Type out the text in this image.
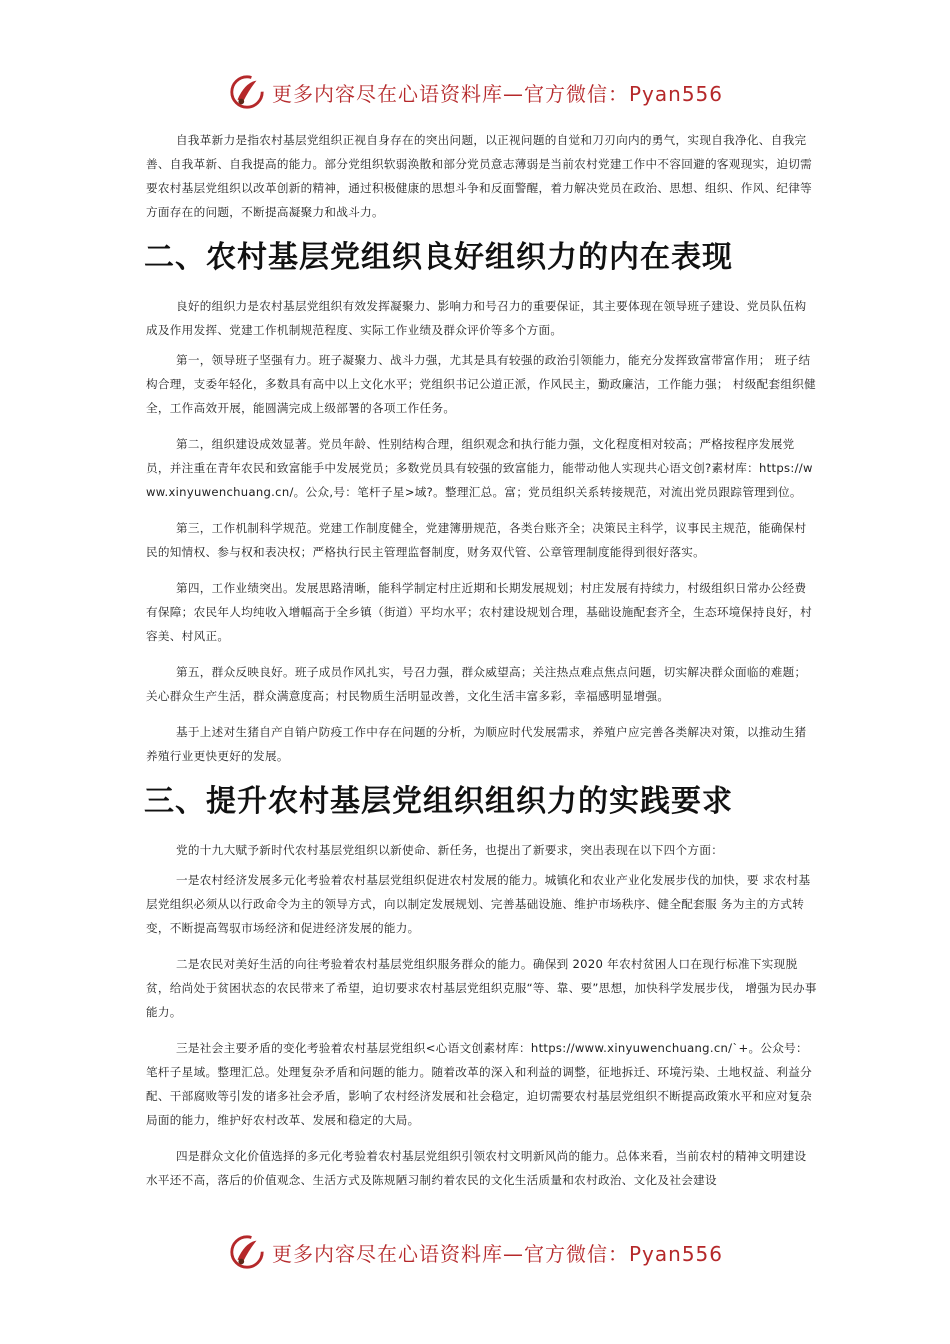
更多内容尽在心语资料库—官方微信：Pyan556

自我革新力是指农村基层党组织正视自身存在的突出问题，以正视问题的自觉和刀刃向内的勇气，实现自我净化、自我完善、自我革新、自我提高的能力。部分党组织软弱涣散和部分党员意志薄弱是当前农村党建工作中不容回避的客观现实，迫切需要农村基层党组织以改革创新的精神，通过积极健康的思想斗争和反面警醒，着力解决党员在政治、思想、组织、作风、纪律等方面存在的问题，不断提高凝聚力和战斗力。

二、农村基层党组织良好组织力的内在表现

良好的组织力是农村基层党组织有效发挥凝聚力、影响力和号召力的重要保证，其主要体现在领导班子建设、党员队伍构成及作用发挥、党建工作机制规范程度、实际工作业绩及群众评价等多个方面。

第一，领导班子坚强有力。班子凝聚力、战斗力强，尤其是具有较强的政治引领能力，能充分发挥致富带富作用； 班子结构合理，支委年轻化，多数具有高中以上文化水平；党组织书记公道正派，作风民主，勤政廉洁，工作能力强； 村级配套组织健全，工作高效开展，能圆满完成上级部署的各项工作任务。

第二，组织建设成效显著。党员年龄、性别结构合理，组织观念和执行能力强，文化程度相对较高；严格按程序发展党员，并注重在青年农民和致富能手中发展党员；多数党员具有较强的致富能力，能带动他人实现共心语文创?素材库：https://www.xinyuwenchuang.cn/。公众,号：笔杆子星>域?。整理汇总。富；党员组织关系转接规范，对流出党员跟踪管理到位。

第三，工作机制科学规范。党建工作制度健全，党建簿册规范，各类台账齐全；决策民主科学，议事民主规范，能确保村民的知情权、参与权和表决权；严格执行民主管理监督制度，财务双代管、公章管理制度能得到很好落实。

第四，工作业绩突出。发展思路清晰，能科学制定村庄近期和长期发展规划；村庄发展有持续力，村级组织日常办公经费有保障；农民年人均纯收入增幅高于全乡镇（街道）平均水平；农村建设规划合理，基础设施配套齐全，生态环境保持良好，村容美、村风正。

第五，群众反映良好。班子成员作风扎实，号召力强，群众威望高；关注热点难点焦点问题，切实解决群众面临的难题；关心群众生产生活，群众满意度高；村民物质生活明显改善，文化生活丰富多彩，幸福感明显增强。

基于上述对生猪自产自销户防疫工作中存在问题的分析，为顺应时代发展需求，养殖户应完善各类解决对策，以推动生猪养殖行业更快更好的发展。

三、提升农村基层党组织组织力的实践要求

党的十九大赋予新时代农村基层党组织以新使命、新任务，也提出了新要求，突出表现在以下四个方面：

一是农村经济发展多元化考验着农村基层党组织促进农村发展的能力。城镇化和农业产业化发展步伐的加快，要 求农村基层党组织必须从以行政命令为主的领导方式，向以制定发展规划、完善基础设施、维护市场秩序、健全配套服 务为主的方式转变，不断提高驾驭市场经济和促进经济发展的能力。

二是农民对美好生活的向往考验着农村基层党组织服务群众的能力。确保到 2020 年农村贫困人口在现行标准下实现脱贫，给尚处于贫困状态的农民带来了希望，迫切要求农村基层党组织克服“等、靠、要”思想，加快科学发展步伐， 增强为民办事能力。

三是社会主要矛盾的变化考验着农村基层党组织<心语文创素材库：https://www.xinyuwenchuang.cn/`+。公众号：笔杆子星域。整理汇总。处理复杂矛盾和问题的能力。随着改革的深入和利益的调整，征地拆迁、环境污染、土地权益、利益分配、干部腐败等引发的诸多社会矛盾，影响了农村经济发展和社会稳定，迫切需要农村基层党组织不断提高政策水平和应对复杂局面的能力，维护好农村改革、发展和稳定的大局。

四是群众文化价值选择的多元化考验着农村基层党组织引领农村文明新风尚的能力。总体来看，当前农村的精神文明建设水平还不高，落后的价值观念、生活方式及陈规陋习制约着农民的文化生活质量和农村政治、文化及社会建设

更多内容尽在心语资料库—官方微信：Pyan556
